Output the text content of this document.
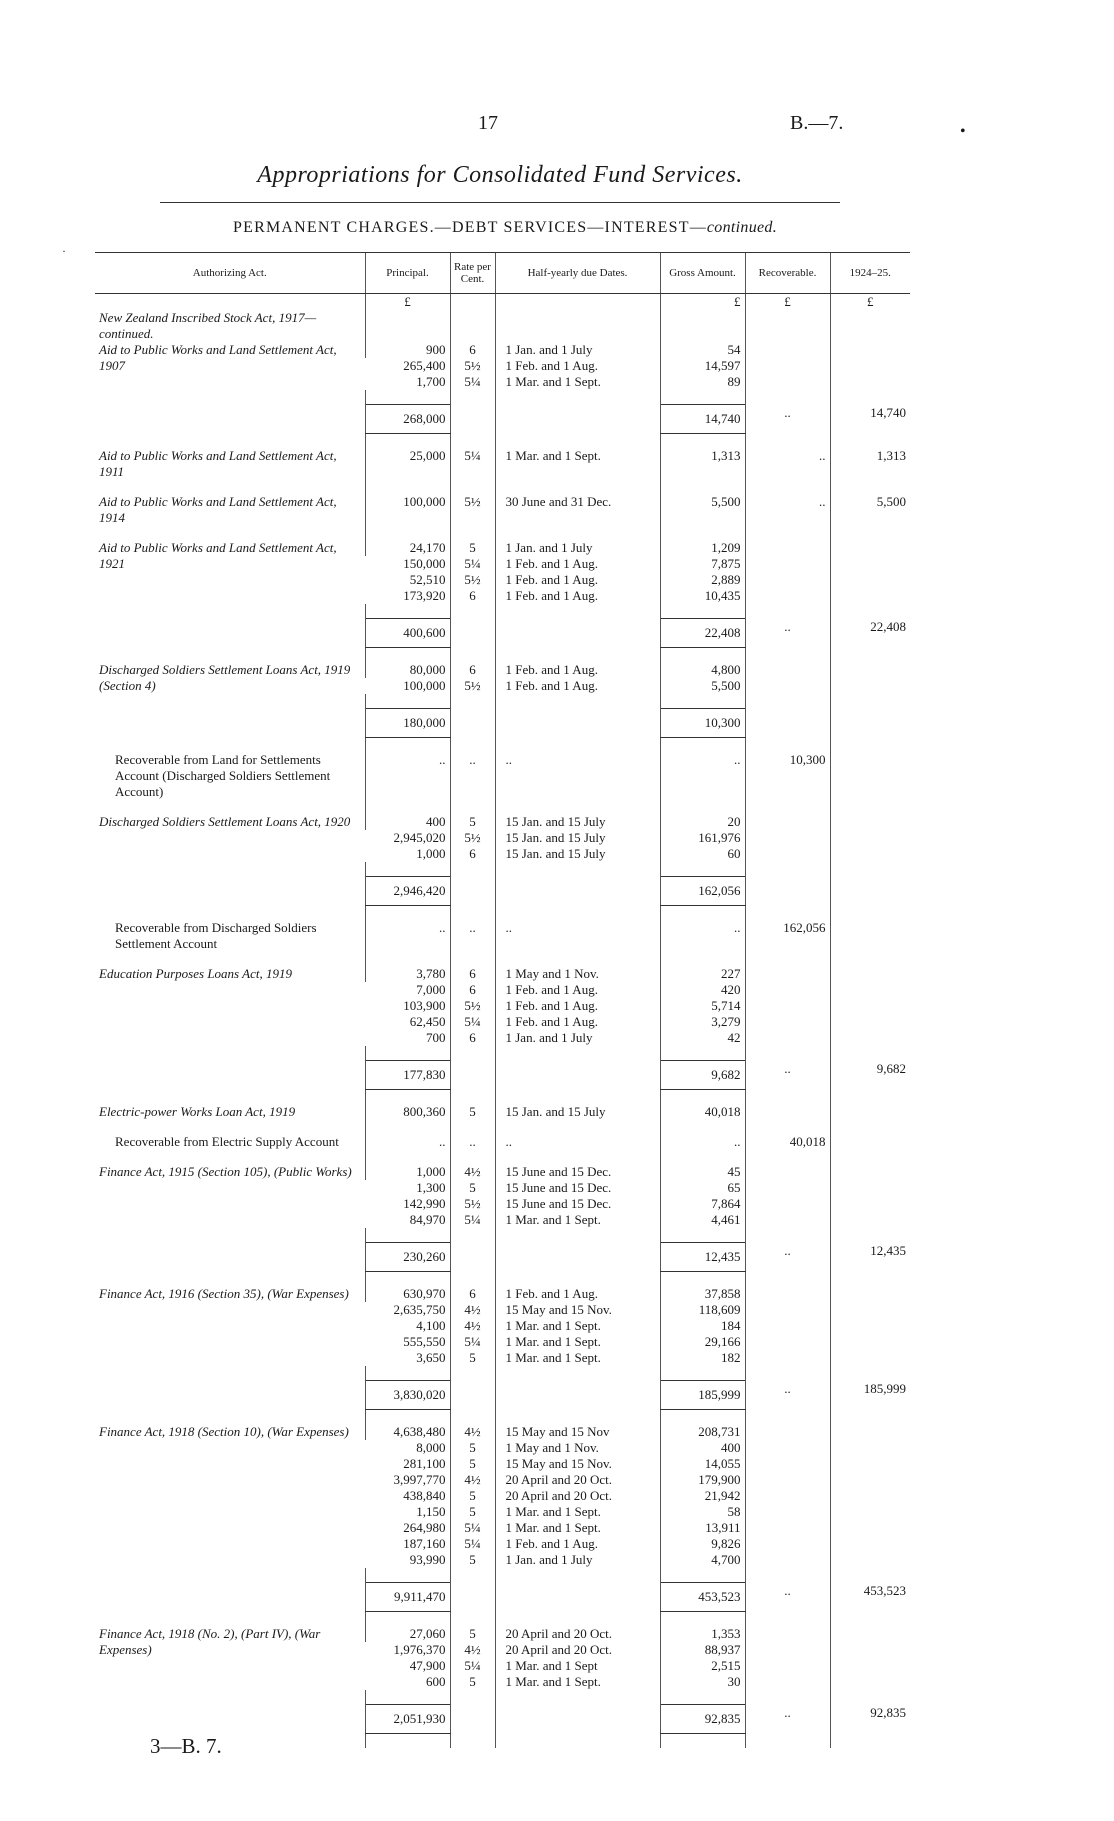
17	B.—7.	•
·
Appropriations for Consolidated Fund Services.
PERMANENT CHARGES.—DEBT SERVICES—INTEREST—continued.
Authorizing Act.	Principal.	Rate per Cent.	Half-yearly due Dates.	Gross Amount.	Recoverable.	1924–25.
	£			£	£	£
New Zealand Inscribed Stock Act, 1917—continued.						
Aid to Public Works and Land Settlement Act, 1907	900	6	1 Jan. and 1 July	54		
	265,400	5½	1 Feb. and 1 Aug.	14,597		
	1,700	5¼	1 Mar. and 1 Sept.	89		

	268,000			14,740	..	14,740

Aid to Public Works and Land Settlement Act, 1911	25,000	5¼	1 Mar. and 1 Sept.	1,313	..	1,313

Aid to Public Works and Land Settlement Act, 1914	100,000	5½	30 June and 31 Dec.	5,500	..	5,500

Aid to Public Works and Land Settlement Act, 1921	24,170	5	1 Jan. and 1 July	1,209		
	150,000	5¼	1 Feb. and 1 Aug.	7,875		
	52,510	5½	1 Feb. and 1 Aug.	2,889		
	173,920	6	1 Feb. and 1 Aug.	10,435		

	400,600			22,408	..	22,408

Discharged Soldiers Settlement Loans Act, 1919 (Section 4)	80,000	6	1 Feb. and 1 Aug.	4,800		
	100,000	5½	1 Feb. and 1 Aug.	5,500		

	180,000			10,300		

Recoverable from Land for Settlements Account (Discharged Soldiers Settlement Account)	..	..	..	..	10,300	

Discharged Soldiers Settlement Loans Act, 1920	400	5	15 Jan. and 15 July	20		
	2,945,020	5½	15 Jan. and 15 July	161,976		
	1,000	6	15 Jan. and 15 July	60		

	2,946,420			162,056		

Recoverable from Discharged Soldiers Settlement Account	..	..	..	..	162,056	

Education Purposes Loans Act, 1919	3,780	6	1 May and 1 Nov.	227		
	7,000	6	1 Feb. and 1 Aug.	420		
	103,900	5½	1 Feb. and 1 Aug.	5,714		
	62,450	5¼	1 Feb. and 1 Aug.	3,279		
	700	6	1 Jan. and 1 July	42		

	177,830			9,682	..	9,682

Electric-power Works Loan Act, 1919	800,360	5	15 Jan. and 15 July	40,018		

Recoverable from Electric Supply Account	..	..	..	..	40,018	

Finance Act, 1915 (Section 105), (Public Works)	1,000	4½	15 June and 15 Dec.	45		
	1,300	5	15 June and 15 Dec.	65		
	142,990	5½	15 June and 15 Dec.	7,864		
	84,970	5¼	1 Mar. and 1 Sept.	4,461		

	230,260			12,435	..	12,435

Finance Act, 1916 (Section 35), (War Expenses)	630,970	6	1 Feb. and 1 Aug.	37,858		
	2,635,750	4½	15 May and 15 Nov.	118,609		
	4,100	4½	1 Mar. and 1 Sept.	184		
	555,550	5¼	1 Mar. and 1 Sept.	29,166		
	3,650	5	1 Mar. and 1 Sept.	182		

	3,830,020			185,999	..	185,999

Finance Act, 1918 (Section 10), (War Expenses)	4,638,480	4½	15 May and 15 Nov	208,731		
	8,000	5	1 May and 1 Nov.	400		
	281,100	5	15 May and 15 Nov.	14,055		
	3,997,770	4½	20 April and 20 Oct.	179,900		
	438,840	5	20 April and 20 Oct.	21,942		
	1,150	5	1 Mar. and 1 Sept.	58		
	264,980	5¼	1 Mar. and 1 Sept.	13,911		
	187,160	5¼	1 Feb. and 1 Aug.	9,826		
	93,990	5	1 Jan. and 1 July	4,700		

	9,911,470			453,523	..	453,523

Finance Act, 1918 (No. 2), (Part IV), (War Expenses)	27,060	5	20 April and 20 Oct.	1,353		
	1,976,370	4½	20 April and 20 Oct.	88,937		
	47,900	5¼	1 Mar. and 1 Sept	2,515		
	600	5	1 Mar. and 1 Sept.	30		

	2,051,930			92,835	..	92,835

3—B. 7.
